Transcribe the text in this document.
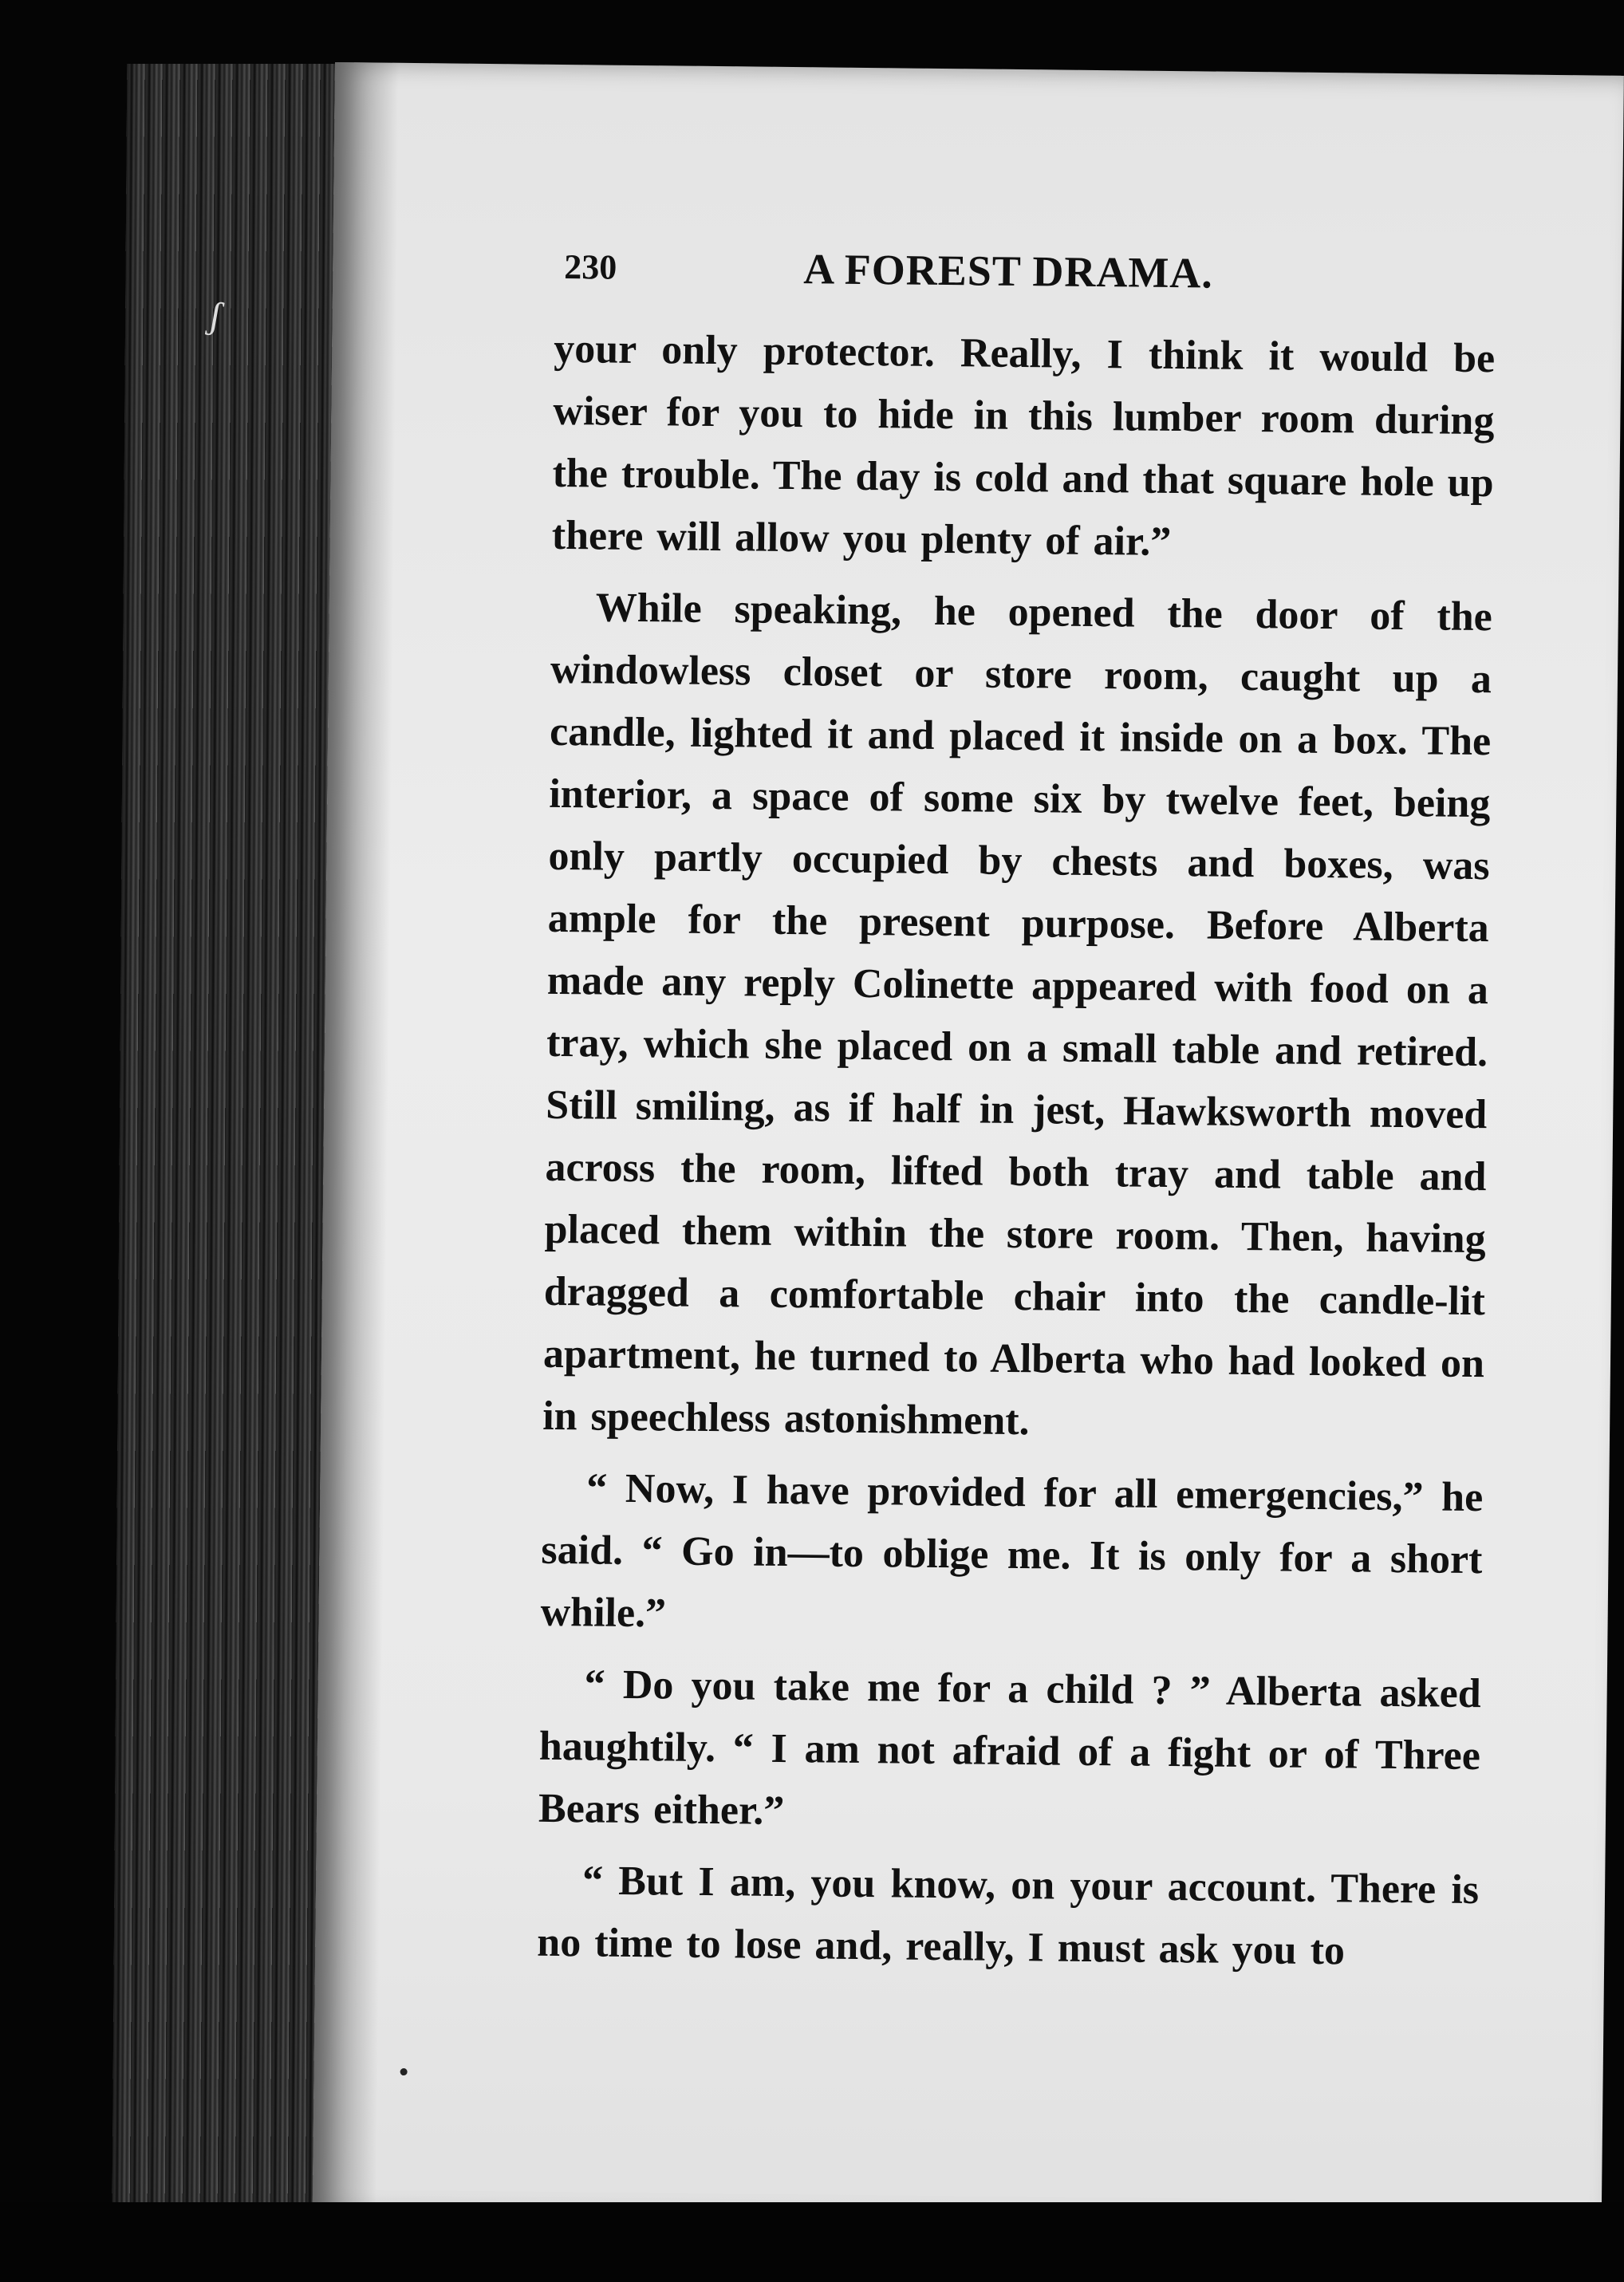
ʃ
230	A FOREST DRAMA.

your only protector. Really, I think it would be wiser for you to hide in this lumber room during the trouble. The day is cold and that square hole up there will allow you plenty of air.”

While speaking, he opened the door of the windowless closet or store room, caught up a candle, lighted it and placed it inside on a box. The interior, a space of some six by twelve feet, being only partly occupied by chests and boxes, was ample for the present purpose. Before Alberta made any reply Colinette appeared with food on a tray, which she placed on a small table and retired. Still smiling, as if half in jest, Hawksworth moved across the room, lifted both tray and table and placed them within the store room. Then, having dragged a comfortable chair into the candle-lit apartment, he turned to Alberta who had looked on in speechless astonishment.

“ Now, I have provided for all emergencies,” he said. “ Go in—to oblige me. It is only for a short while.”

“ Do you take me for a child ? ” Alberta asked haughtily. “ I am not afraid of a fight or of Three Bears either.”

“ But I am, you know, on your account. There is no time to lose and, really, I must ask you to
